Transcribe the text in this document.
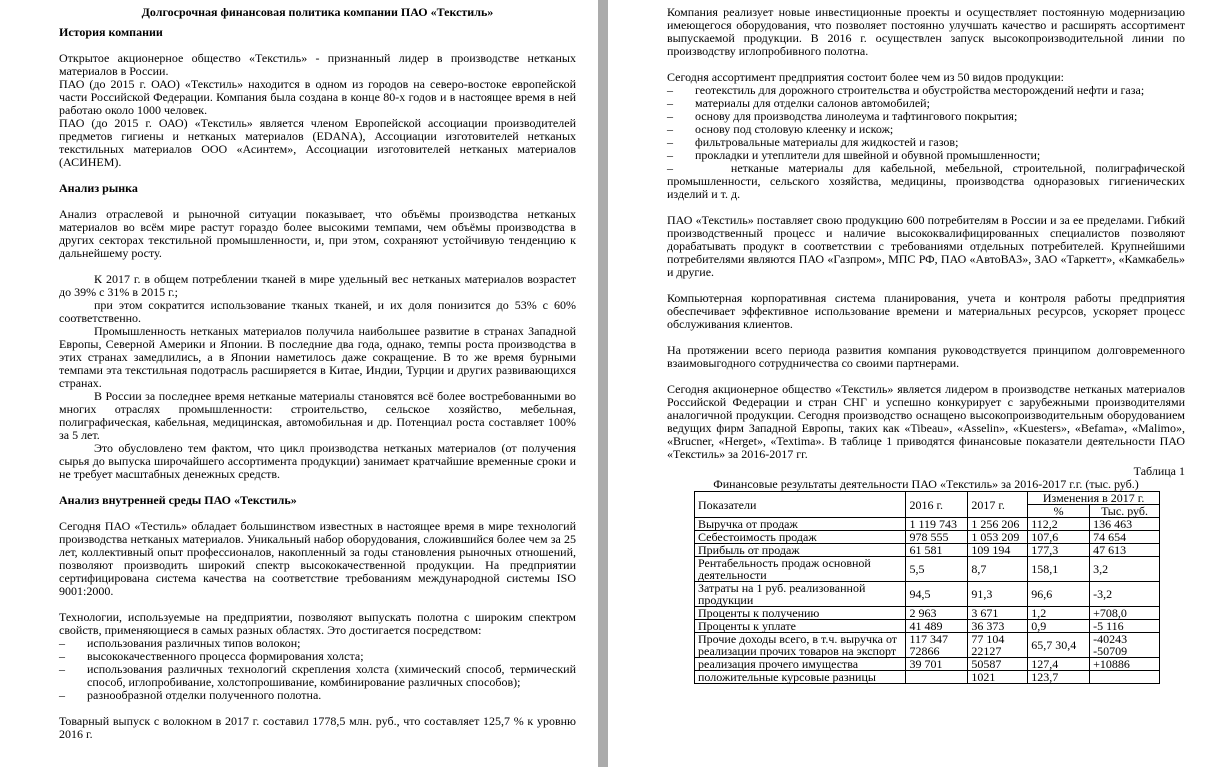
Долгосрочная финансовая политика компании ПАО «Текстиль»

История компании

Открытое акционерное общество «Текстиль» - признанный лидер в производстве нетканых материалов в России.

ПАО (до 2015 г. ОАО) «Текстиль» находится в одном из городов на северо-востоке европейской части Российской Федерации. Компания была создана в конце 80-х годов и в настоящее время в ней работаю около 1000 человек.

ПАО (до 2015 г. ОАО) «Текстиль» является членом Европейской ассоциации производителей предметов гигиены и нетканых материалов (EDANA), Ассоциации изготовителей нетканых текстильных материалов ООО «Асинтем», Ассоциации изготовителей нетканых материалов (АСИНЕМ).

Анализ рынка

Анализ отраслевой и рыночной ситуации показывает, что объёмы производства нетканых материалов во всём мире растут гораздо более высокими темпами, чем объёмы производства в других секторах текстильной промышленности, и, при этом, сохраняют устойчивую тенденцию к дальнейшему росту.

К 2017 г. в общем потреблении тканей в мире удельный вес нетканых материалов возрастет до 39% с 31% в 2015 г.;

при этом сократится использование тканых тканей, и их доля понизится до 53% с 60% соответственно.

Промышленность нетканых материалов получила наибольшее развитие в странах Западной Европы, Северной Америки и Японии. В последние два года, однако, темпы роста производства в этих странах замедлились, а в Японии наметилось даже сокращение. В то же время бурными темпами эта текстильная подотрасль расширяется в Китае, Индии, Турции и других развивающихся странах.

В России за последнее время нетканые материалы становятся всё более востребованными во многих отраслях промышленности: строительство, сельское хозяйство, мебельная, полиграфическая, кабельная, медицинская, автомобильная и др. Потенциал роста составляет 100% за 5 лет.

Это обусловлено тем фактом, что цикл производства нетканых материалов (от получения сырья до выпуска широчайшего ассортимента продукции) занимает кратчайшие временные сроки и не требует масштабных денежных средств.

Анализ внутренней среды ПАО «Текстиль»

Сегодня ПАО «Тестиль» обладает большинством известных в настоящее время в мире технологий производства нетканых материалов. Уникальный набор оборудования, сложившийся более чем за 25 лет, коллективный опыт профессионалов, накопленный за годы становления рыночных отношений, позволяют производить широкий спектр высококачественной продукции. На предприятии сертифицирована система качества на соответствие требованиям международной системы ISO 9001:2000.

Технологии, используемые на предприятии, позволяют выпускать полотна с широким спектром свойств, применяющиеся в самых разных областях. Это достигается посредством:

– использования различных типов волокон;

– высококачественного процесса формирования холста;

– использования различных технологий скрепления холста (химический способ, термический способ, иглопробивание, холстопрошивание, комбинирование различных способов);

– разнообразной отделки полученного полотна.

Товарный выпуск с волокном в 2017 г. составил 1778,5 млн. руб., что составляет 125,7 % к уровню 2016 г.

Компания реализует новые инвестиционные проекты и осуществляет постоянную модернизацию имеющегося оборудования, что позволяет постоянно улучшать качество и расширять ассортимент выпускаемой продукции. В 2016 г. осуществлен запуск высокопроизводительной линии по производству иглопробивного полотна.

Сегодня ассортимент предприятия состоит более чем из 50 видов продукции:

– геотекстиль для дорожного строительства и обустройства месторождений нефти и газа;

– материалы для отделки салонов автомобилей;

– основу для производства линолеума и тафтингового покрытия;

– основу под столовую клеенку и искож;

– фильтровальные материалы для жидкостей и газов;

– прокладки и утеплители для швейной и обувной промышленности;

–      нетканые материалы для кабельной, мебельной, строительной, полиграфической промышленности, сельского хозяйства, медицины, производства одноразовых гигиенических изделий и т. д.

ПАО «Текстиль» поставляет свою продукцию 600 потребителям в России и за ее пределами. Гибкий производственный процесс и наличие высококвалифицированных специалистов позволяют дорабатывать продукт в соответствии с требованиями отдельных потребителей. Крупнейшими потребителями являются ПАО «Газпром», МПС РФ, ПАО «АвтоВАЗ», ЗАО «Таркетт», «Камкабель» и другие.

Компьютерная корпоративная система планирования, учета и контроля работы предприятия обеспечивает эффективное использование времени и материальных ресурсов, ускоряет процесс обслуживания клиентов.

На протяжении всего периода развития компания руководствуется принципом долговременного взаимовыгодного сотрудничества со своими партнерами.

Сегодня акционерное общество «Текстиль» является лидером в производстве нетканых материалов Российской Федерации и стран СНГ и успешно конкурирует с зарубежными производителями аналогичной продукции. Сегодня производство оснащено высокопроизводительным оборудованием ведущих фирм Западной Европы, таких как «Tibeau», «Asselin», «Kuesters», «Befama», «Malimo», «Brucner, «Herget», «Textima». В таблице 1 приводятся финансовые показатели деятельности ПАО «Текстиль» за 2016-2017 гг.

Таблица 1

Финансовые результаты деятельности ПАО «Текстиль» за 2016-2017 г.г. (тыс. руб.)

Показатели	2016 г.	2017 г.	Изменения в 2017 г.	
			%	Тыс. руб.
Выручка от продаж	1 119 743	1 256 206	112,2	136 463
Себестоимость продаж	978 555	1 053 209	107,6	74 654
Прибыль от продаж	61 581	109 194	177,3	47 613
Рентабельность продаж основной деятельности	5,5	8,7	158,1	3,2
Затраты на 1 руб. реализованной продукции	94,5	91,3	96,6	-3,2
Проценты к получению	2 963	3 671	1,2	+708,0
Проценты к уплате	41 489	36 373	0,9	-5 116
Прочие доходы всего, в т.ч. выручка от реализации прочих товаров на экспорт	117 347 72866	77 104 22127	65,7 30,4	-40243 -50709
реализация прочего имущества	39 701	50587	127,4	+10886
положительные курсовые разницы		1021	123,7	
